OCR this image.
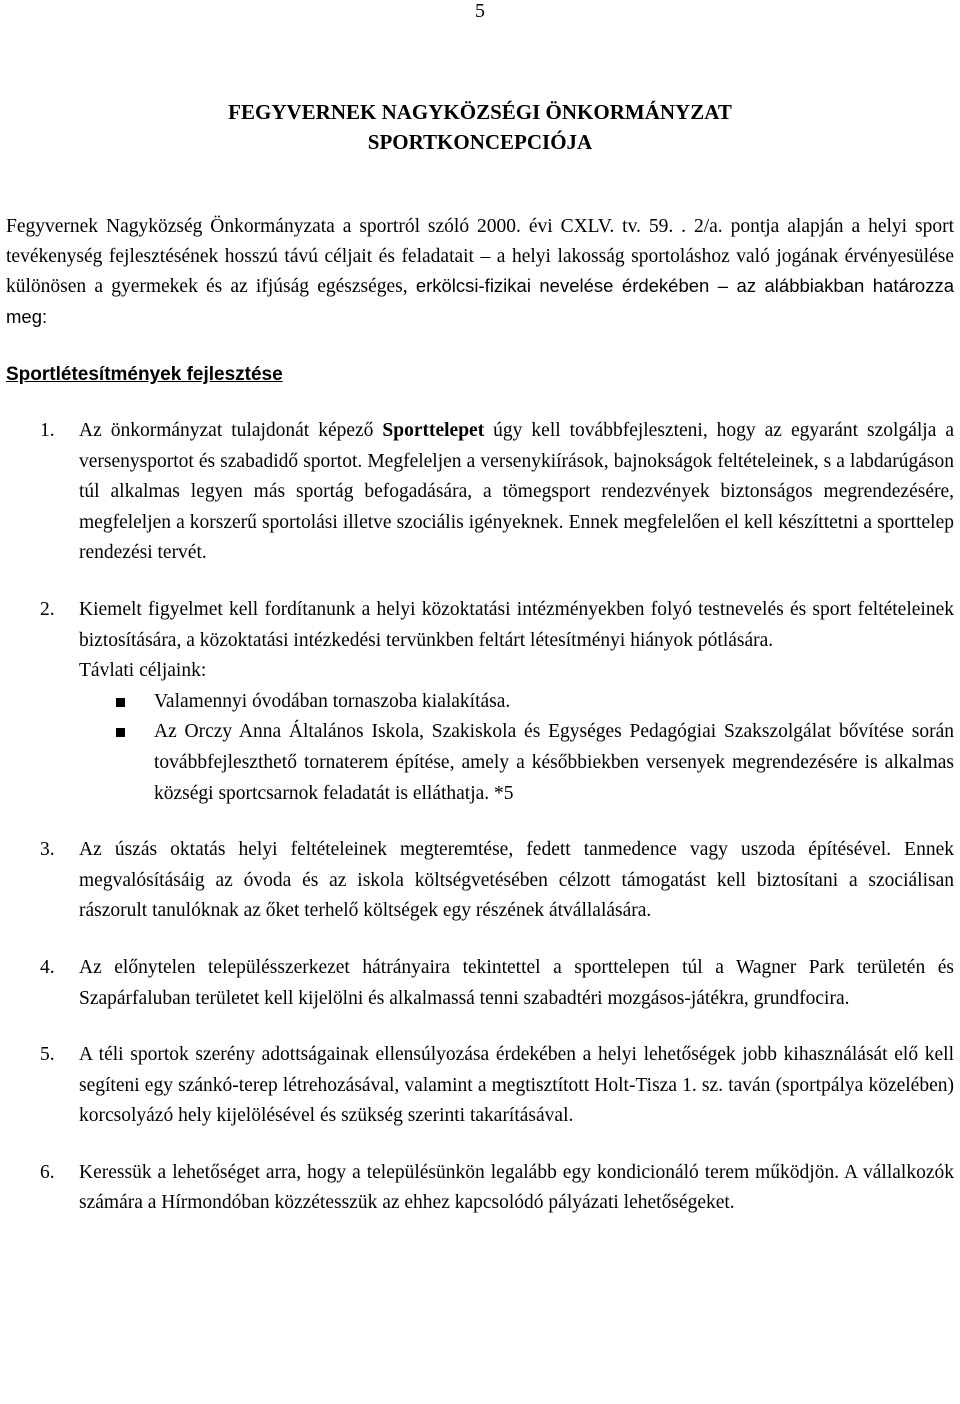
5
FEGYVERNEK NAGYKÖZSÉGI ÖNKORMÁNYZAT
SPORTKONCEPCIÓJA

Fegyvernek Nagyközség Önkormányzata a sportról szóló 2000. évi CXLV. tv. 59. . 2/a. pontja alapján a helyi sport tevékenység fejlesztésének hosszú távú céljait és feladatait – a helyi lakosság sportoláshoz való jogának érvényesülése különösen a gyermekek és az ifjúság egészséges, erkölcsi-fizikai nevelése érdekében – az alábbiakban határozza meg:

Sportlétesítmények fejlesztése
1. Az önkormányzat tulajdonát képező Sporttelepet úgy kell továbbfejleszteni, hogy az egyaránt szolgálja a versenysportot és szabadidő sportot. Megfeleljen a versenykiírások, bajnokságok feltételeinek, s a labdarúgáson túl alkalmas legyen más sportág befogadására, a tömegsport rendezvények biztonságos megrendezésére, megfeleljen a korszerű sportolási illetve szociális igényeknek. Ennek megfelelően el kell készíttetni a sporttelep rendezési tervét.

2. Kiemelt figyelmet kell fordítanunk a helyi közoktatási intézményekben folyó testnevelés és sport feltételeinek biztosítására, a közoktatási intézkedési tervünkben feltárt létesítményi hiányok pótlására.

Távlati céljaink:

Valamennyi óvodában tornaszoba kialakítása.
Az Orczy Anna Általános Iskola, Szakiskola és Egységes Pedagógiai Szakszolgálat bővítése során továbbfejleszthető tornaterem építése, amely a későbbiekben versenyek megrendezésére is alkalmas községi sportcsarnok feladatát is elláthatja. *5
3. Az úszás oktatás helyi feltételeinek megteremtése, fedett tanmedence vagy uszoda építésével. Ennek megvalósításáig az óvoda és az iskola költségvetésében célzott támogatást kell biztosítani a szociálisan rászorult tanulóknak az őket terhelő költségek egy részének átvállalására.

4. Az előnytelen településszerkezet hátrányaira tekintettel a sporttelepen túl a Wagner Park területén és Szapárfaluban területet kell kijelölni és alkalmassá tenni szabadtéri mozgásos-játékra, grundfocira.

5. A téli sportok szerény adottságainak ellensúlyozása érdekében a helyi lehetőségek jobb kihasználását elő kell segíteni egy szánkó-terep létrehozásával, valamint a megtisztított Holt-Tisza 1. sz. taván (sportpálya közelében) korcsolyázó hely kijelölésével és szükség szerinti takarításával.

6. Keressük a lehetőséget arra, hogy a településünkön legalább egy kondicionáló terem működjön. A vállalkozók számára a Hírmondóban közzétesszük az ehhez kapcsolódó pályázati lehetőségeket.
